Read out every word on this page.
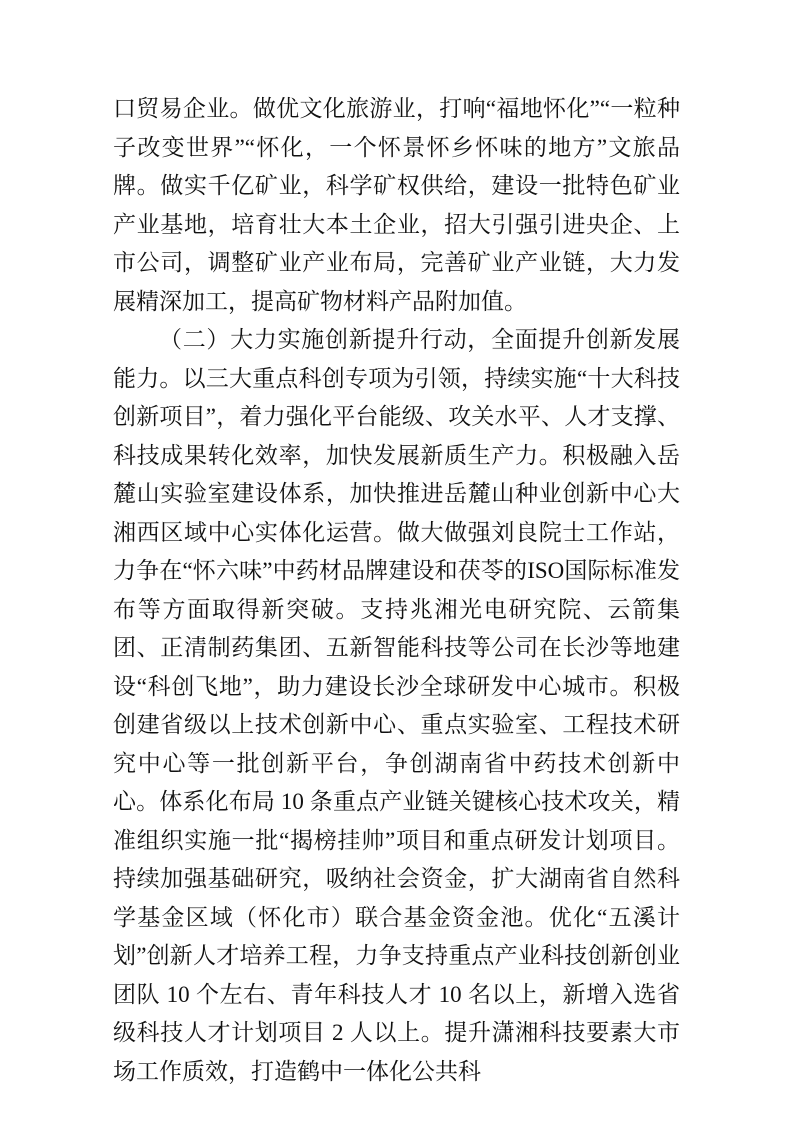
口贸易企业。做优文化旅游业，打响“福地怀化”“一粒种子改变世界”“怀化，一个怀景怀乡怀味的地方”文旅品牌。做实千亿矿业，科学矿权供给，建设一批特色矿业产业基地，培育壮大本土企业，招大引强引进央企、上市公司，调整矿业产业布局，完善矿业产业链，大力发展精深加工，提高矿物材料产品附加值。

（二）大力实施创新提升行动，全面提升创新发展能力。以三大重点科创专项为引领，持续实施“十大科技创新项目”，着力强化平台能级、攻关水平、人才支撑、科技成果转化效率，加快发展新质生产力。积极融入岳麓山实验室建设体系，加快推进岳麓山种业创新中心大湘西区域中心实体化运营。做大做强刘良院士工作站，力争在“怀六味”中药材品牌建设和茯苓的ISO国际标准发布等方面取得新突破。支持兆湘光电研究院、云箭集团、正清制药集团、五新智能科技等公司在长沙等地建设“科创飞地”，助力建设长沙全球研发中心城市。积极创建省级以上技术创新中心、重点实验室、工程技术研究中心等一批创新平台，争创湖南省中药技术创新中心。体系化布局 10 条重点产业链关键核心技术攻关，精准组织实施一批“揭榜挂帅”项目和重点研发计划项目。持续加强基础研究，吸纳社会资金，扩大湖南省自然科学基金区域（怀化市）联合基金资金池。优化“五溪计划”创新人才培养工程，力争支持重点产业科技创新创业团队 10 个左右、青年科技人才 10 名以上，新增入选省级科技人才计划项目 2 人以上。提升潇湘科技要素大市场工作质效，打造鹤中一体化公共科
